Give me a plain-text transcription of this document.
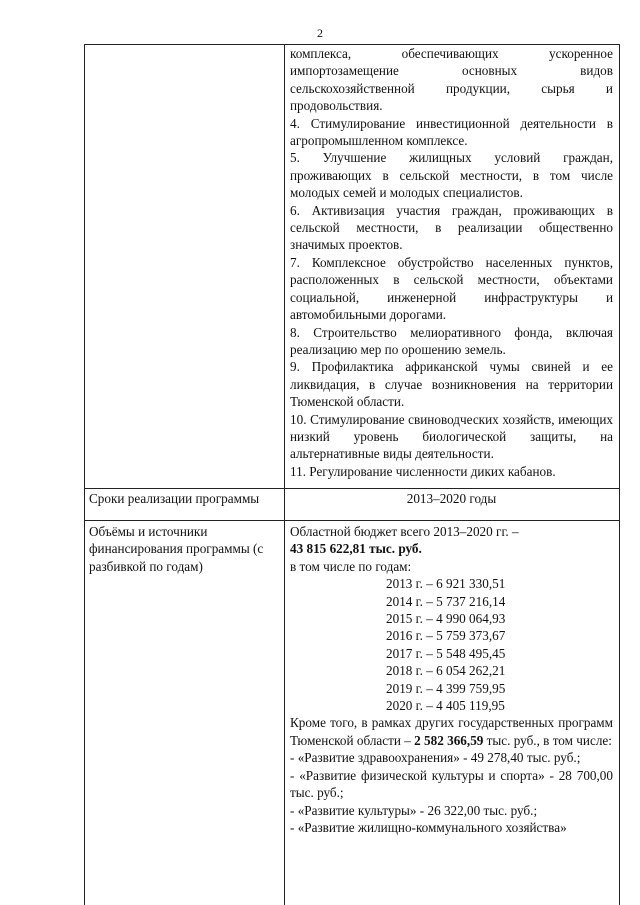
2

комплекса, обеспечивающих ускоренное импортозамещение основных видов сельскохозяйственной продукции, сырья и продовольствия.

4. Стимулирование инвестиционной деятельности в агропромышленном комплексе.

5. Улучшение жилищных условий граждан, проживающих в сельской местности, в том числе молодых семей и молодых специалистов.

6. Активизация участия граждан, проживающих в сельской местности, в реализации общественно значимых проектов.

7. Комплексное обустройство населенных пунктов, расположенных в сельской местности, объектами социальной, инженерной инфраструктуры и автомобильными дорогами.

8. Строительство мелиоративного фонда, включая реализацию мер по орошению земель.

9. Профилактика африканской чумы свиней и ее ликвидация, в случае возникновения на территории Тюменской области.

10. Стимулирование свиноводческих хозяйств, имеющих низкий уровень биологической защиты, на альтернативные виды деятельности.

11. Регулирование численности диких кабанов.

Сроки реализации программы	2013–2020 годы
Объёмы и источники финансирования программы (с разбивкой по годам)

Областной бюджет всего 2013–2020 гг. –

43 815 622,81 тыс. руб.

в том числе по годам:

2013 г. – 6 921 330,51

2014 г. – 5 737 216,14

2015 г. – 4 990 064,93

2016 г. – 5 759 373,67

2017 г. – 5 548 495,45

2018 г. – 6 054 262,21

2019 г. – 4 399 759,95

2020 г. – 4 405 119,95

Кроме того, в рамках других государственных программ Тюменской области – 2 582 366,59 тыс. руб., в том числе:

- «Развитие здравоохранения» - 49 278,40 тыс. руб.;

- «Развитие физической культуры и спорта» - 28 700,00 тыс. руб.;

- «Развитие культуры» - 26 322,00 тыс. руб.;

- «Развитие жилищно-коммунального хозяйства»
